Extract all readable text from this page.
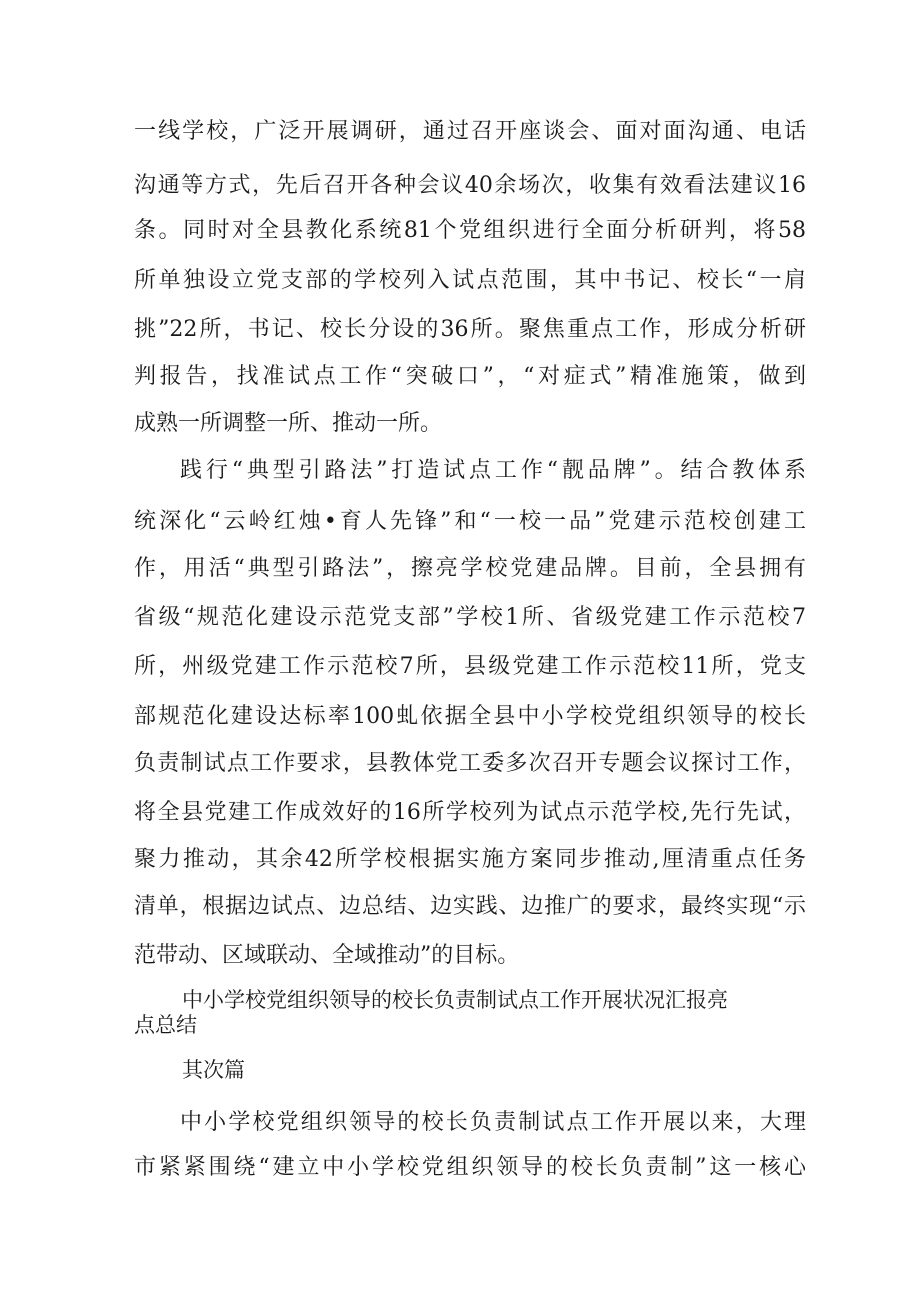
一线学校，广泛开展调研，通过召开座谈会、面对面沟通、电话
沟通等方式，先后召开各种会议40余场次，收集有效看法建议16
条。同时对全县教化系统81个党组织进行全面分析研判，将58
所单独设立党支部的学校列入试点范围，其中书记、校长“一肩
挑”22所，书记、校长分设的36所。聚焦重点工作，形成分析研
判报告，找准试点工作“突破口”，“对症式”精准施策，做到
成熟一所调整一所、推动一所。
践行“典型引路法”打造试点工作“靓品牌”。结合教体系
统深化“云岭红烛•育人先锋”和“一校一品”党建示范校创建工
作，用活“典型引路法”，擦亮学校党建品牌。目前，全县拥有
省级“规范化建设示范党支部”学校1所、省级党建工作示范校7
所，州级党建工作示范校7所，县级党建工作示范校11所，党支
部规范化建设达标率100虬依据全县中小学校党组织领导的校长
负责制试点工作要求，县教体党工委多次召开专题会议探讨工作，
将全县党建工作成效好的16所学校列为试点示范学校,先行先试，
聚力推动，其余42所学校根据实施方案同步推动,厘清重点任务
清单，根据边试点、边总结、边实践、边推广的要求，最终实现“示
范带动、区域联动、全域推动”的目标。
中小学校党组织领导的校长负责制试点工作开展状况汇报亮
点总结
其次篇
中小学校党组织领导的校长负责制试点工作开展以来，大理
市紧紧围绕“建立中小学校党组织领导的校长负责制”这一核心
